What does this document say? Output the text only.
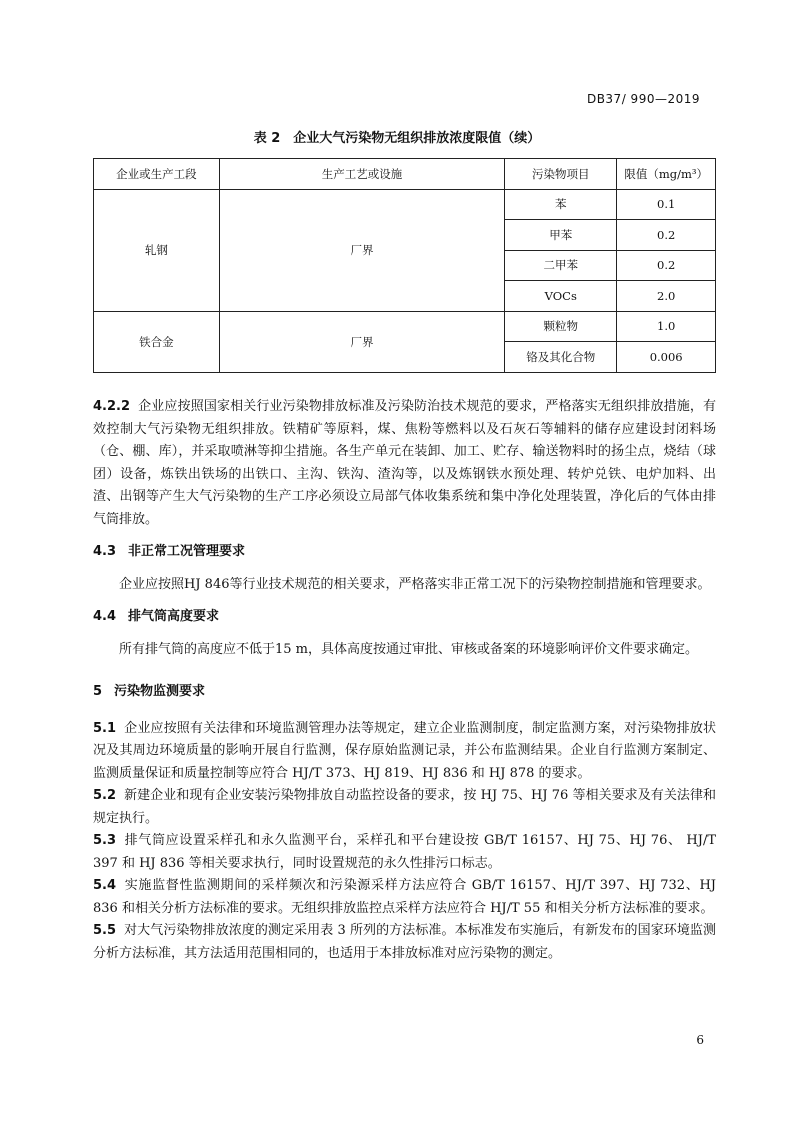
DB37/ 990—2019
表 2　企业大气污染物无组织排放浓度限值（续）
企业或生产工段	生产工艺或设施	污染物项目	限值（mg/m³）
轧钢	厂界	苯	0.1
		甲苯	0.2
		二甲苯	0.2
		VOCs	2.0
铁合金	厂界	颗粒物	1.0
		铬及其化合物	0.006

4.2.2 企业应按照国家相关行业污染物排放标准及污染防治技术规范的要求，严格落实无组织排放措施，有效控制大气污染物无组织排放。铁精矿等原料，煤、焦粉等燃料以及石灰石等辅料的储存应建设封闭料场（仓、棚、库），并采取喷淋等抑尘措施。各生产单元在装卸、加工、贮存、输送物料时的扬尘点，烧结（球团）设备，炼铁出铁场的出铁口、主沟、铁沟、渣沟等，以及炼钢铁水预处理、转炉兑铁、电炉加料、出渣、出钢等产生大气污染物的生产工序必须设立局部气体收集系统和集中净化处理装置，净化后的气体由排气筒排放。

4.3 非正常工况管理要求

企业应按照HJ 846等行业技术规范的相关要求，严格落实非正常工况下的污染物控制措施和管理要求。

4.4 排气筒高度要求

所有排气筒的高度应不低于15 m，具体高度按通过审批、审核或备案的环境影响评价文件要求确定。

5 污染物监测要求

5.1 企业应按照有关法律和环境监测管理办法等规定，建立企业监测制度，制定监测方案，对污染物排放状况及其周边环境质量的影响开展自行监测，保存原始监测记录，并公布监测结果。企业自行监测方案制定、监测质量保证和质量控制等应符合 HJ/T 373、HJ 819、HJ 836 和 HJ 878 的要求。

5.2 新建企业和现有企业安装污染物排放自动监控设备的要求，按 HJ 75、HJ 76 等相关要求及有关法律和规定执行。

5.3 排气筒应设置采样孔和永久监测平台，采样孔和平台建设按 GB/T 16157、HJ 75、HJ 76、 HJ/T 397 和 HJ 836 等相关要求执行，同时设置规范的永久性排污口标志。

5.4 实施监督性监测期间的采样频次和污染源采样方法应符合 GB/T 16157、HJ/T 397、HJ 732、HJ 836 和相关分析方法标准的要求。无组织排放监控点采样方法应符合 HJ/T 55 和相关分析方法标准的要求。

5.5 对大气污染物排放浓度的测定采用表 3 所列的方法标准。本标准发布实施后，有新发布的国家环境监测分析方法标准，其方法适用范围相同的，也适用于本排放标准对应污染物的测定。

6
